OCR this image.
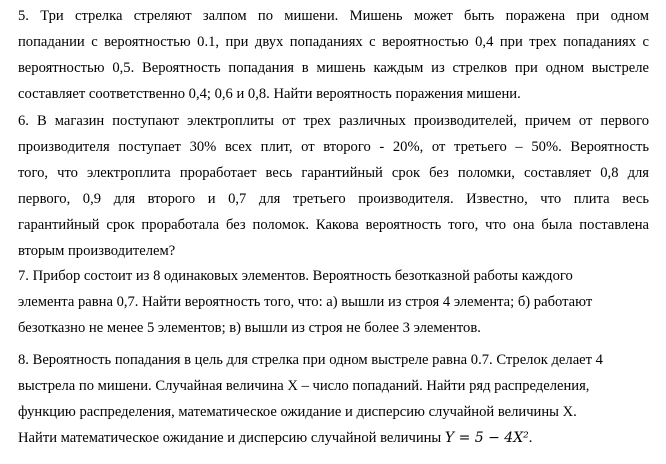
5. Три стрелка стреляют залпом по мишени. Мишень может быть поражена при одном
попадании с вероятностью 0.1, при двух попаданиях с вероятностью 0,4 при трех попаданиях с
вероятностью 0,5. Вероятность попадания в мишень каждым из стрелков при одном выстреле
составляет соответственно 0,4; 0,6 и 0,8. Найти вероятность поражения мишени.
6. В магазин поступают электроплиты от трех различных производителей, причем от первого
производителя поступает 30% всех плит, от второго - 20%, от третьего – 50%. Вероятность
того, что электроплита проработает весь гарантийный срок без поломки, составляет 0,8 для
первого, 0,9 для второго и 0,7 для третьего производителя. Известно, что плита весь
гарантийный срок проработала без поломок. Какова вероятность того, что она была поставлена
вторым производителем?
7. Прибор состоит из 8 одинаковых элементов. Вероятность безотказной работы каждого
элемента равна 0,7. Найти вероятность того, что: а) вышли из строя 4 элемента; б) работают
безотказно не менее 5 элементов; в) вышли из строя не более 3 элементов.
8. Вероятность попадания в цель для стрелка при одном выстреле равна 0.7. Стрелок делает 4
выстрела по мишени. Случайная величина X – число попаданий. Найти ряд распределения,
функцию распределения, математическое ожидание и дисперсию случайной величины X.
Найти математическое ожидание и дисперсию случайной величины Y = 5 − 4X².
